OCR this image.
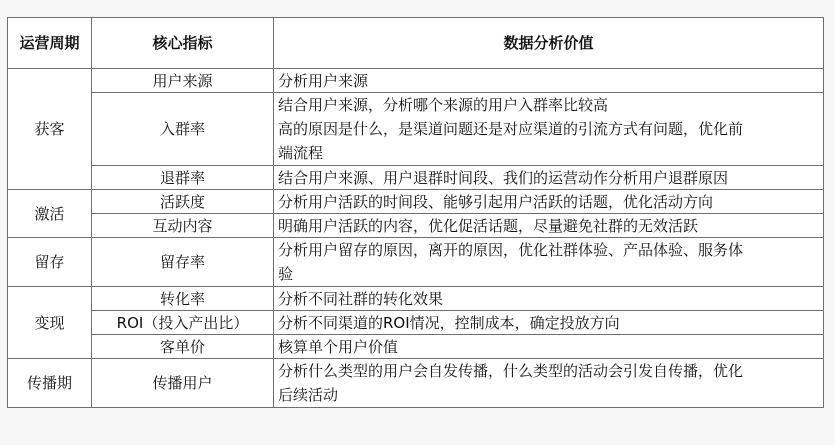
运营周期	核心指标	数据分析价值
获客	用户来源	分析用户来源

	入群率	结合用户来源，分析哪个来源的用户入群率比较高
高的原因是什么，是渠道问题还是对应渠道的引流方式有问题，优化前
端流程

	退群率	结合用户来源、用户退群时间段、我们的运营动作分析用户退群原因

激活	活跃度	分析用户活跃的时间段、能够引起用户活跃的话题，优化活动方向

	互动内容	明确用户活跃的内容，优化促活话题，尽量避免社群的无效活跃

留存	留存率	分析用户留存的原因，离开的原因，优化社群体验、产品体验、服务体
验

变现	转化率	分析不同社群的转化效果

	ROI（投入产出比）	分析不同渠道的ROI情况，控制成本，确定投放方向

	客单价	核算单个用户价值

传播期	传播用户	分析什么类型的用户会自发传播，什么类型的活动会引发自传播，优化
后续活动
